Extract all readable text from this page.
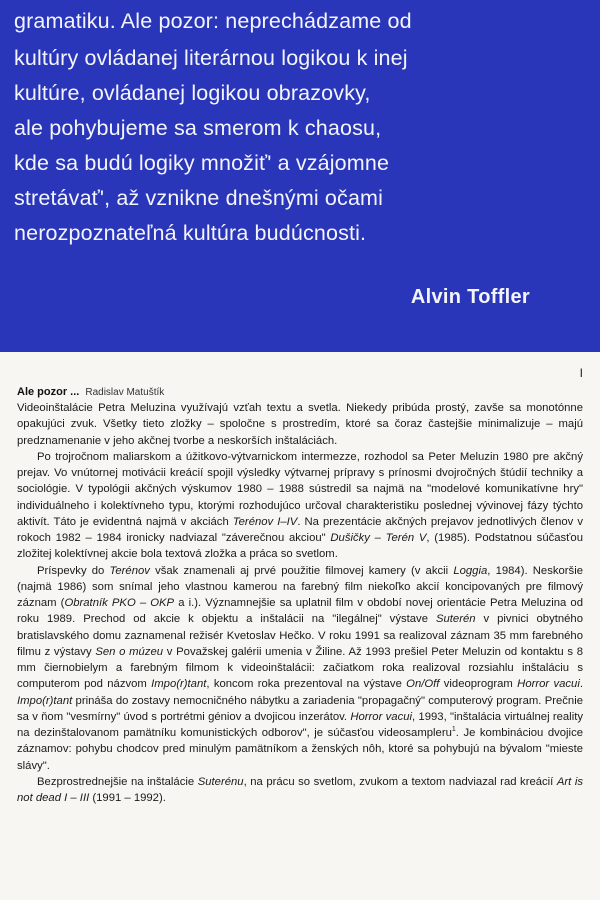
gramatiku. Ale pozor: neprechádzame od
kultúry ovládanej literárnou logikou k inej
kultúre, ovládanej logikou obrazovky,
ale pohybujeme sa smerom k chaosu,
kde sa budú logiky množiť' a vzájomne
stretávať', až vznikne dnešnými očami
nerozpoznateľná kultúra budúcnosti.
Alvin Toffler
I
Ale pozor ... Radislav Matuštík

Videoinštalácie Petra Meluzina využívajú vzťah textu a svetla. Niekedy pribúda prostý, zavše sa monotónne opakujúci zvuk. Všetky tieto zložky – spoločne s prostredím, ktoré sa čoraz častejšie minimalizuje – majú predznamenanie v jeho akčnej tvorbe a neskorších inštaláciách.

Po trojročnom maliarskom a úžitkovo-výtvarnickom intermezze, rozhodol sa Peter Meluzin 1980 pre akčný prejav. Vo vnútornej motivácii kreácií spojil výsledky výtvarnej prípravy s prínosmi dvojročných štúdií techniky a sociológie. V typológii akčných výskumov 1980 – 1988 sústredil sa najmä na "modelové komunikatívne hry" individuálneho i kolektívneho typu, ktorými rozhodujúco určoval charakteristiku poslednej vývinovej fázy týchto aktivít. Táto je evidentná najmä v akciách Terénov I–IV. Na prezentácie akčných prejavov jednotlivých členov v rokoch 1982 – 1984 ironicky nadviazal "záverečnou akciou" Dušičky – Terén V, (1985). Podstatnou súčasťou zložitej kolektívnej akcie bola textová zložka a práca so svetlom.

Príspevky do Terénov však znamenali aj prvé použitie filmovej kamery (v akcii Loggia, 1984). Neskoršie (najmä 1986) som snímal jeho vlastnou kamerou na farebný film niekoľko akcií koncipovaných pre filmový záznam (Obratník PKO – OKP a i.). Významnejšie sa uplatnil film v období novej orientácie Petra Meluzina od roku 1989. Prechod od akcie k objektu a inštalácii na "ilegálnej" výstave Suterén v pivnici obytného bratislavského domu zaznamenal režisér Kvetoslav Hečko. V roku 1991 sa realizoval záznam 35 mm farebného filmu z výstavy Sen o múzeu v Považskej galérii umenia v Žiline. Až 1993 prešiel Peter Meluzin od kontaktu s 8 mm čiernobielym a farebným filmom k videoinštalácii: začiatkom roka realizoval rozsiahlu inštaláciu s computerom pod názvom Impo(r)tant, koncom roka prezentoval na výstave On/Off videoprogram Horror vacui. Impo(r)tant prináša do zostavy nemocničného nábytku a zariadenia "propagačný" computerový program. Prečnie sa v ňom "vesmírny" úvod s portrétmi géniov a dvojicou inzerátov. Horror vacui, 1993, "inštalácia virtuálnej reality na dezinštalovanom pamätníku komunistických odborov", je súčasťou videosampleru$^1$. Je kombináciou dvojice záznamov: pohybu chodcov pred minulým pamätníkom a ženských nôh, ktoré sa pohybujú na bývalom "mieste slávy".

Bezprostrednejšie na inštalácie Suterénu, na prácu so svetlom, zvukom a textom nadviazal rad kreácií Art is not dead I – III (1991 – 1992).
